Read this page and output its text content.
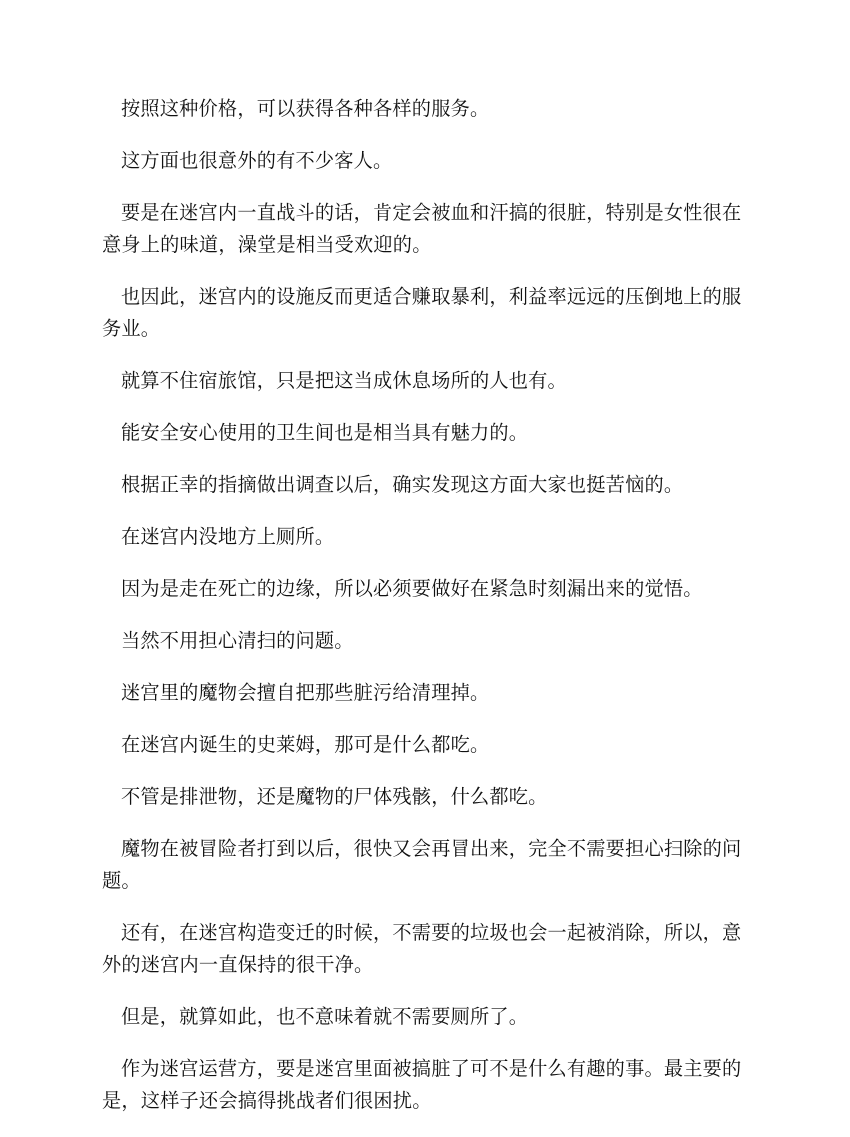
按照这种价格，可以获得各种各样的服务。

这方面也很意外的有不少客人。

要是在迷宫内一直战斗的话，肯定会被血和汗搞的很脏，特别是女性很在意身上的味道，澡堂是相当受欢迎的。

也因此，迷宫内的设施反而更适合赚取暴利，利益率远远的压倒地上的服务业。

就算不住宿旅馆，只是把这当成休息场所的人也有。

能安全安心使用的卫生间也是相当具有魅力的。

根据正幸的指摘做出调查以后，确实发现这方面大家也挺苦恼的。

在迷宫内没地方上厕所。

因为是走在死亡的边缘，所以必须要做好在紧急时刻漏出来的觉悟。

当然不用担心清扫的问题。

迷宫里的魔物会擅自把那些脏污给清理掉。

在迷宫内诞生的史莱姆，那可是什么都吃。

不管是排泄物，还是魔物的尸体残骸，什么都吃。

魔物在被冒险者打到以后，很快又会再冒出来，完全不需要担心扫除的问题。

还有，在迷宫构造变迁的时候，不需要的垃圾也会一起被消除，所以，意外的迷宫内一直保持的很干净。

但是，就算如此，也不意味着就不需要厕所了。

作为迷宫运营方，要是迷宫里面被搞脏了可不是什么有趣的事。最主要的是，这样子还会搞得挑战者们很困扰。
